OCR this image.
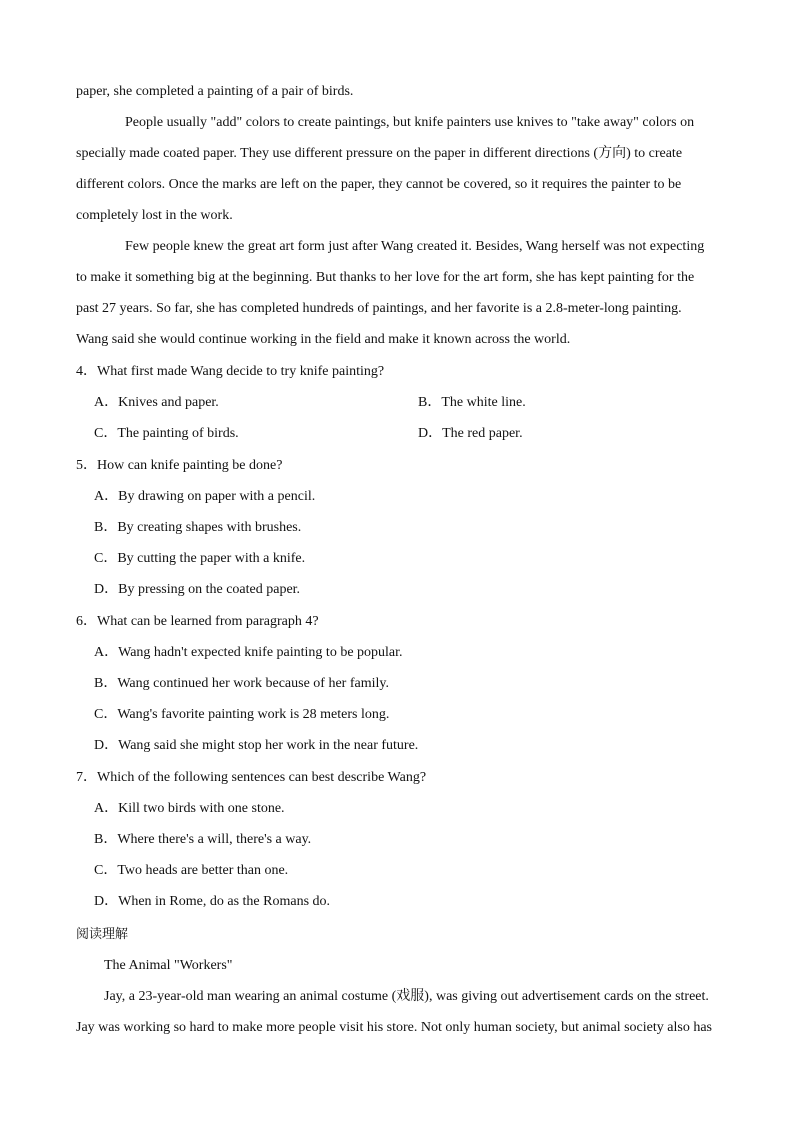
paper, she completed a painting of a pair of birds.
People usually "add" colors to create paintings, but knife painters use knives to "take away" colors on
specially made coated paper. They use different pressure on the paper in different directions (方向) to create
different colors. Once the marks are left on the paper, they cannot be covered, so it requires the painter to be
completely lost in the work.
Few people knew the great art form just after Wang created it. Besides, Wang herself was not expecting
to make it something big at the beginning. But thanks to her love for the art form, she has kept painting for the
past 27 years. So far, she has completed hundreds of paintings, and her favorite is a 2.8-meter-long painting.
Wang said she would continue working in the field and make it known across the world.
4．What first made Wang decide to try knife painting?
A．Knives and paper.	B．The white line.
C．The painting of birds.	D．The red paper.
5．How can knife painting be done?
A．By drawing on paper with a pencil.
B．By creating shapes with brushes.
C．By cutting the paper with a knife.
D．By pressing on the coated paper.
6．What can be learned from paragraph 4?
A．Wang hadn't expected knife painting to be popular.
B．Wang continued her work because of her family.
C．Wang's favorite painting work is 28 meters long.
D．Wang said she might stop her work in the near future.
7．Which of the following sentences can best describe Wang?
A．Kill two birds with one stone.
B．Where there's a will, there's a way.
C．Two heads are better than one.
D．When in Rome, do as the Romans do.
阅读理解
The Animal "Workers"
Jay, a 23-year-old man wearing an animal costume (戏服), was giving out advertisement cards on the street.
Jay was working so hard to make more people visit his store. Not only human society, but animal society also has
